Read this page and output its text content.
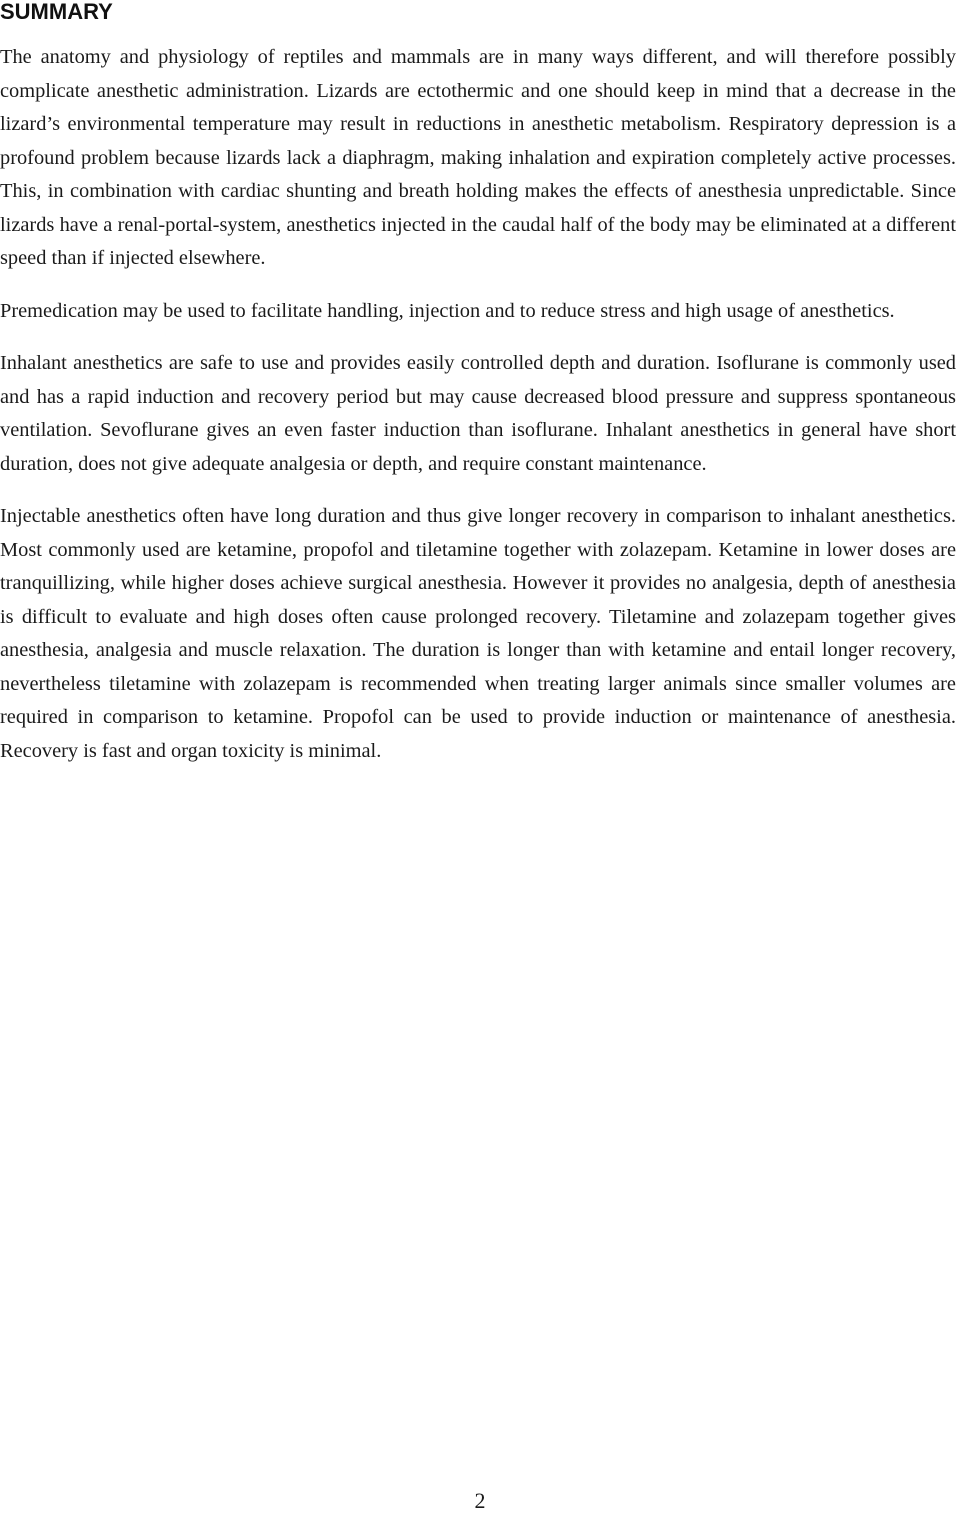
SUMMARY

The anatomy and physiology of reptiles and mammals are in many ways different, and will therefore possibly complicate anesthetic administration. Lizards are ectothermic and one should keep in mind that a decrease in the lizard’s environmental temperature may result in reductions in anesthetic metabolism. Respiratory depression is a profound problem because lizards lack a diaphragm, making inhalation and expiration completely active processes. This, in combination with cardiac shunting and breath holding makes the effects of anesthesia unpredictable. Since lizards have a renal-portal-system, anesthetics injected in the caudal half of the body may be eliminated at a different speed than if injected elsewhere.

Premedication may be used to facilitate handling, injection and to reduce stress and high usage of anesthetics.

Inhalant anesthetics are safe to use and provides easily controlled depth and duration. Isoflurane is commonly used and has a rapid induction and recovery period but may cause decreased blood pressure and suppress spontaneous ventilation. Sevoflurane gives an even faster induction than isoflurane. Inhalant anesthetics in general have short duration, does not give adequate analgesia or depth, and require constant maintenance.

Injectable anesthetics often have long duration and thus give longer recovery in comparison to inhalant anesthetics. Most commonly used are ketamine, propofol and tiletamine together with zolazepam. Ketamine in lower doses are tranquillizing, while higher doses achieve surgical anesthesia. However it provides no analgesia, depth of anesthesia is difficult to evaluate and high doses often cause prolonged recovery. Tiletamine and zolazepam together gives anesthesia, analgesia and muscle relaxation. The duration is longer than with ketamine and entail longer recovery, nevertheless tiletamine with zolazepam is recommended when treating larger animals since smaller volumes are required in comparison to ketamine. Propofol can be used to provide induction or maintenance of anesthesia. Recovery is fast and organ toxicity is minimal.

2
